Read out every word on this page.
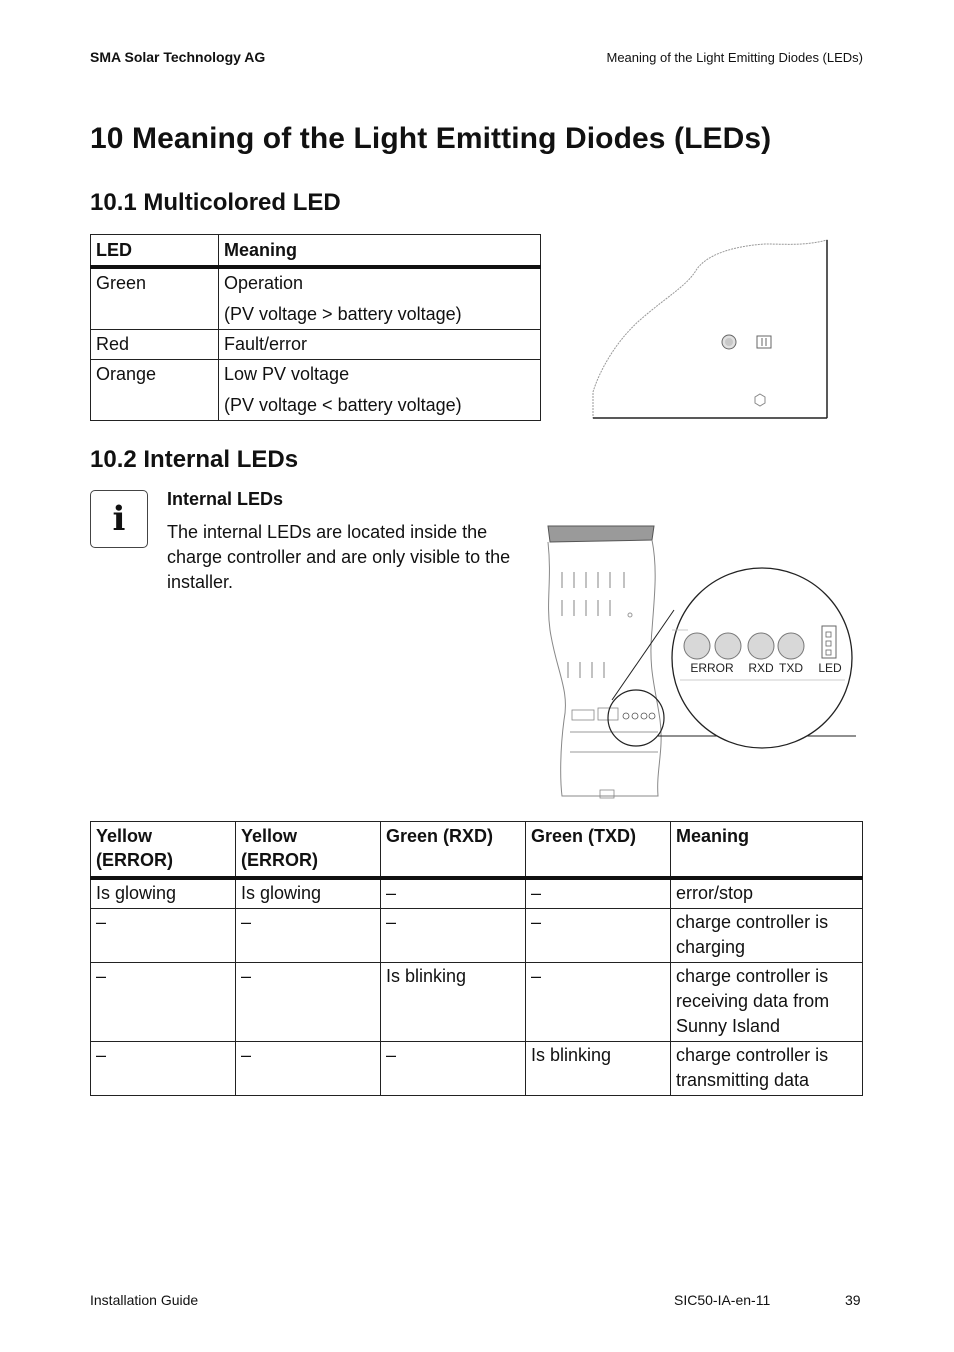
SMA Solar Technology AG	Meaning of the Light Emitting Diodes (LEDs)
10 Meaning of the Light Emitting Diodes (LEDs)
10.1 Multicolored LED
LED	Meaning
Green	Operation
(PV voltage > battery voltage)

Red	Fault/error

Orange	Low PV voltage
(PV voltage < battery voltage)
10.2 Internal LEDs
i	Internal LEDs
The internal LEDs are located inside the charge controller and are only visible to the installer.
ERROR RXD TXD LED
Yellow (ERROR)	Yellow (ERROR)	Green (RXD)	Green (TXD)	Meaning
Is glowing	Is glowing	–	–	error/stop
–	–	–	–	charge controller is charging
–	–	Is blinking	–	charge controller is receiving data from Sunny Island
–	–	–	Is blinking	charge controller is transmitting data
Installation Guide	SIC50-IA-en-11	39
